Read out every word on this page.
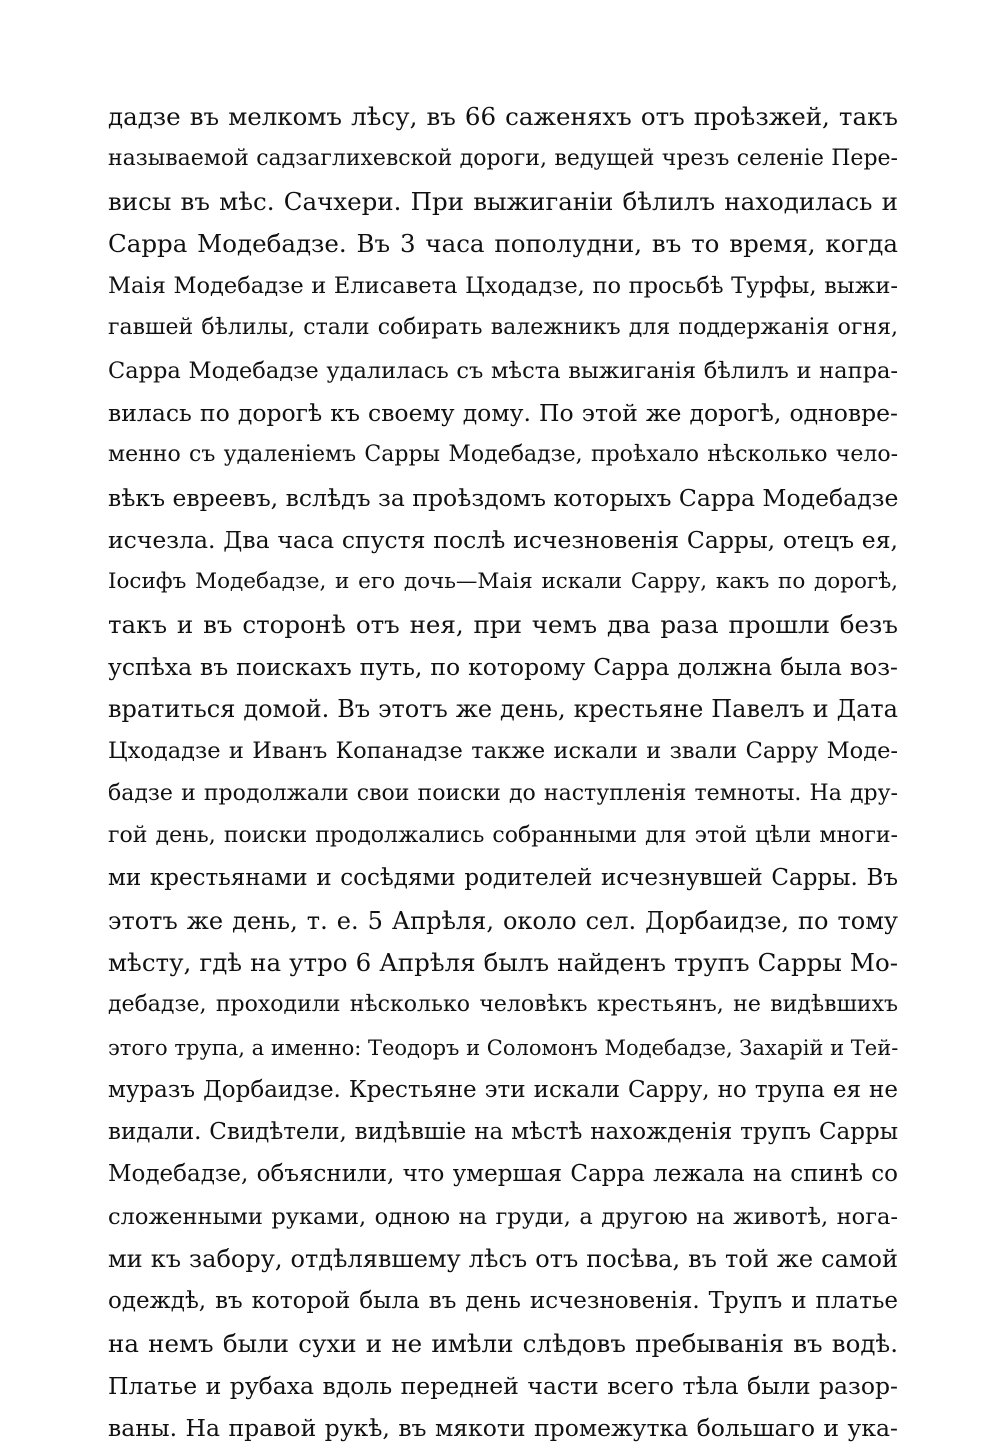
дадзе въ мелкомъ лѣсу, въ 66 саженяхъ отъ проѣзжей, такъ
называемой садзаглихевской дороги, ведущей чрезъ селеніе Пере-
висы въ мѣс. Сачхери. При выжиганіи бѣлилъ находилась и
Сарра Модебадзе. Въ 3 часа пополудни, въ то время, когда
Маія Модебадзе и Елисавета Цходадзе, по просьбѣ Турфы, выжи-
гавшей бѣлилы, стали собирать валежникъ для поддержанія огня,
Сарра Модебадзе удалилась съ мѣста выжиганія бѣлилъ и напра-
вилась по дорогѣ къ своему дому. По этой же дорогѣ, одновре-
менно съ удаленіемъ Сарры Модебадзе, проѣхало нѣсколько чело-
вѣкъ евреевъ, вслѣдъ за проѣздомъ которыхъ Сарра Модебадзе
исчезла. Два часа спустя послѣ исчезновенія Сарры, отецъ ея,
Іосифъ Модебадзе, и его дочь—Маія искали Сарру, какъ по дорогѣ,
такъ и въ сторонѣ отъ нея, при чемъ два раза прошли безъ
успѣха въ поискахъ путь, по которому Сарра должна была воз-
вратиться домой. Въ этотъ же день, крестьяне Павелъ и Дата
Цходадзе и Иванъ Копанадзе также искали и звали Сарру Моде-
бадзе и продолжали свои поиски до наступленія темноты. На дру-
гой день, поиски продолжались собранными для этой цѣли многи-
ми крестьянами и сосѣдями родителей исчезнувшей Сарры. Въ
этотъ же день, т. е. 5 Апрѣля, около сел. Дорбаидзе, по тому
мѣсту, гдѣ на утро 6 Апрѣля былъ найденъ трупъ Сарры Мо-
дебадзе, проходили нѣсколько человѣкъ крестьянъ, не видѣвшихъ
этого трупа, а именно: Теодоръ и Соломонъ Модебадзе, Захарій и Тей-
муразъ Дорбаидзе. Крестьяне эти искали Сарру, но трупа ея не
видали. Свидѣтели, видѣвшіе на мѣстѣ нахожденія трупъ Сарры
Модебадзе, объяснили, что умершая Сарра лежала на спинѣ со
сложенными руками, одною на груди, а другою на животѣ, нога-
ми къ забору, отдѣлявшему лѣсъ отъ посѣва, въ той же самой
одеждѣ, въ которой была въ день исчезновенія. Трупъ и платье
на немъ были сухи и не имѣли слѣдовъ пребыванія въ водѣ.
Платье и рубаха вдоль передней части всего тѣла были разор-
ваны. На правой рукѣ, въ мякоти промежутка большаго и ука-
